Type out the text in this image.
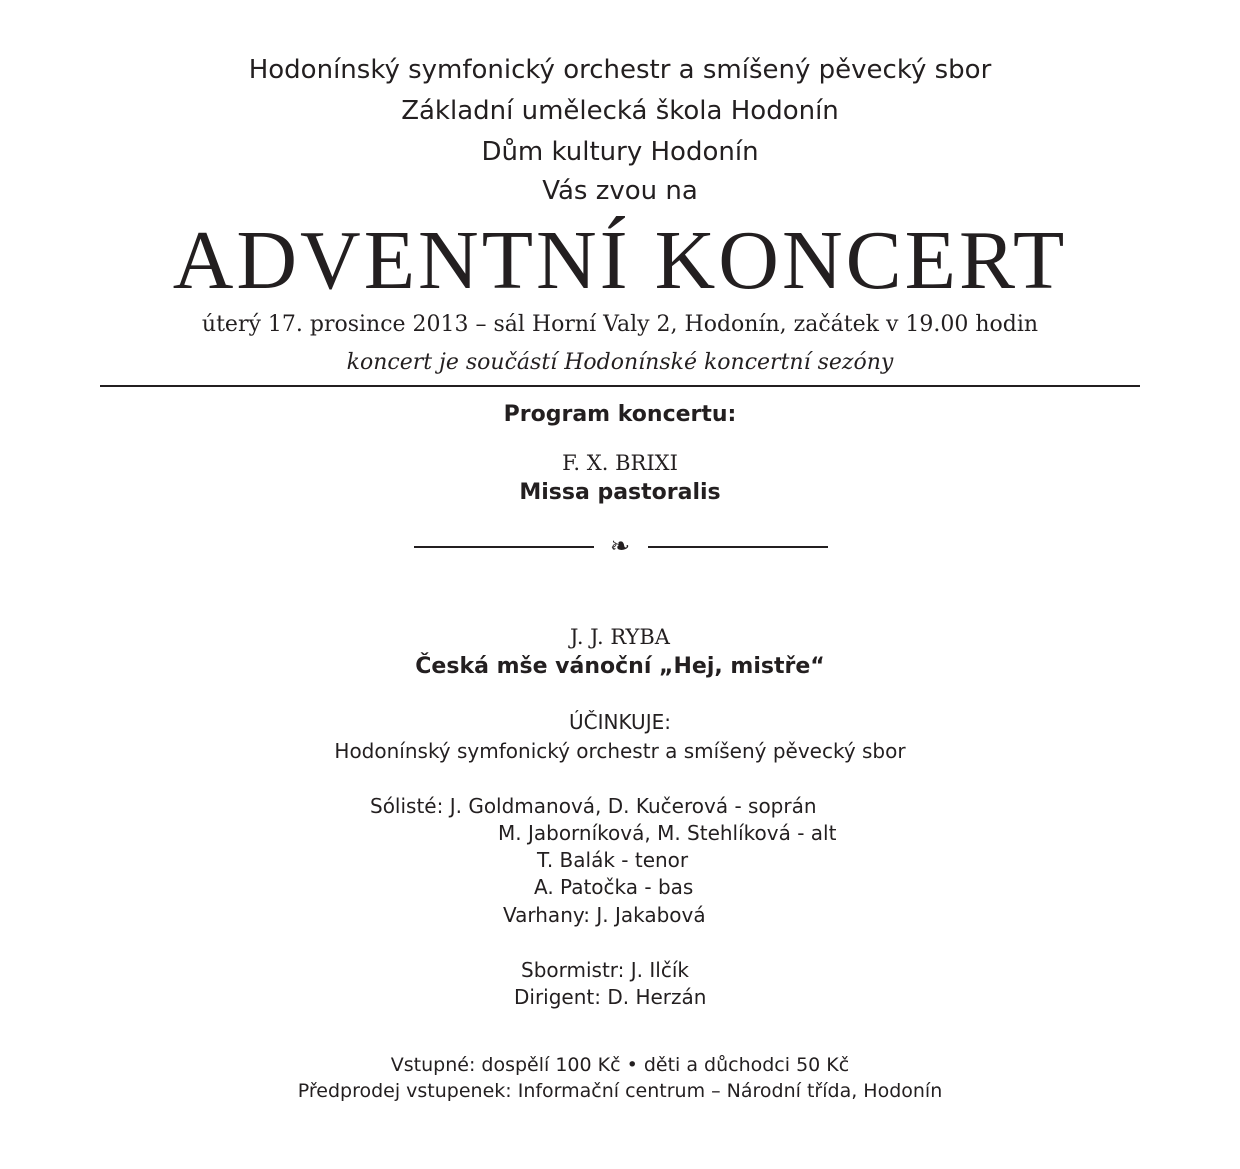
Hodonínský symfonický orchestr a smíšený pěvecký sbor
Základní umělecká škola Hodonín
Dům kultury Hodonín
Vás zvou na
ADVENTNÍ KONCERT
úterý 17. prosince 2013 – sál Horní Valy 2, Hodonín, začátek v 19.00 hodin
koncert je součástí Hodonínské koncertní sezóny
Program koncertu:
F. X. BRIXI
Missa pastoralis
❧
J. J. RYBA
Česká mše vánoční „Hej, mistře“
ÚČINKUJE:
Hodonínský symfonický orchestr a smíšený pěvecký sbor
Sólisté: J. Goldmanová, D. Kučerová - soprán
M. Jaborníková, M. Stehlíková - alt
T. Balák - tenor
A. Patočka - bas
Varhany: J. Jakabová
Sbormistr: J. Ilčík
Dirigent: D. Herzán
Vstupné: dospělí 100 Kč • děti a důchodci 50 Kč
Předprodej vstupenek: Informační centrum – Národní třída, Hodonín
